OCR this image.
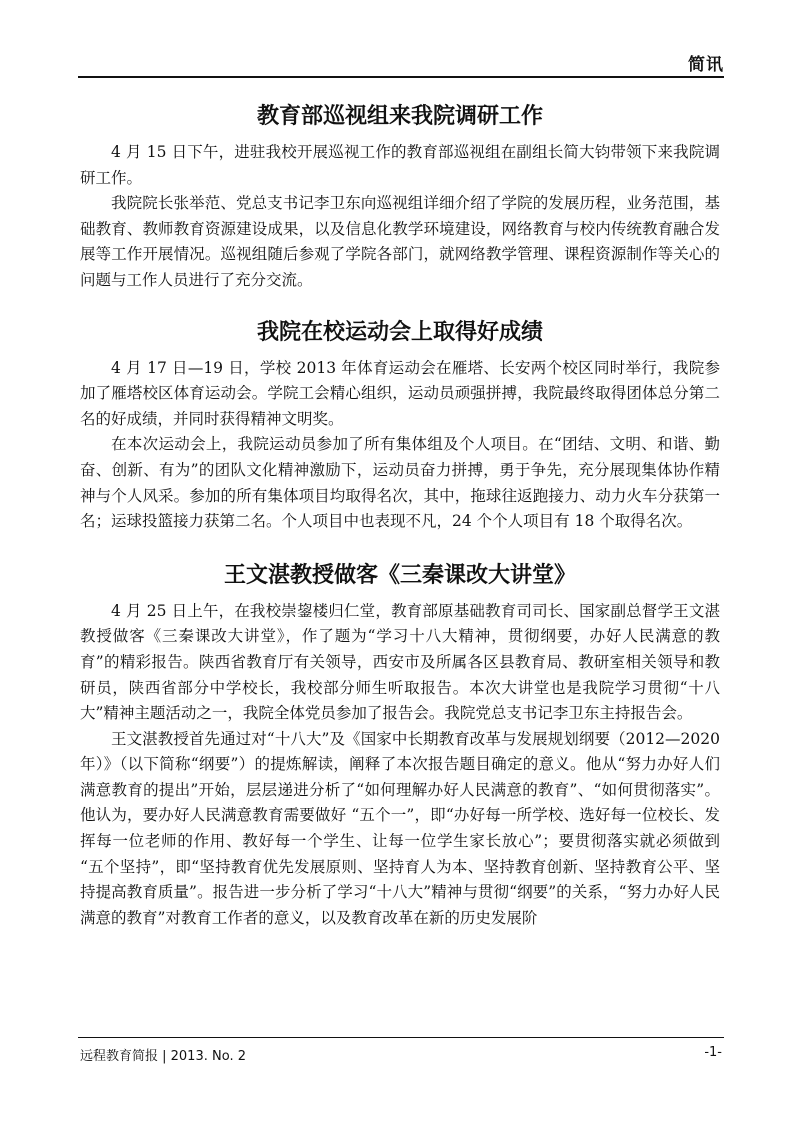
简讯
教育部巡视组来我院调研工作

4 月 15 日下午，进驻我校开展巡视工作的教育部巡视组在副组长简大钧带领下来我院调研工作。

我院院长张举范、党总支书记李卫东向巡视组详细介绍了学院的发展历程，业务范围，基础教育、教师教育资源建设成果，以及信息化教学环境建设，网络教育与校内传统教育融合发展等工作开展情况。巡视组随后参观了学院各部门，就网络教学管理、课程资源制作等关心的问题与工作人员进行了充分交流。

我院在校运动会上取得好成绩

4 月 17 日—19 日，学校 2013 年体育运动会在雁塔、长安两个校区同时举行，我院参加了雁塔校区体育运动会。学院工会精心组织，运动员顽强拼搏，我院最终取得团体总分第二名的好成绩，并同时获得精神文明奖。

在本次运动会上，我院运动员参加了所有集体组及个人项目。在“团结、文明、和谐、勤奋、创新、有为”的团队文化精神激励下，运动员奋力拼搏，勇于争先，充分展现集体协作精神与个人风采。参加的所有集体项目均取得名次，其中，拖球往返跑接力、动力火车分获第一名；运球投篮接力获第二名。个人项目中也表现不凡，24 个个人项目有 18 个取得名次。

王文湛教授做客《三秦课改大讲堂》

4 月 25 日上午，在我校崇鋆楼归仁堂，教育部原基础教育司司长、国家副总督学王文湛教授做客《三秦课改大讲堂》，作了题为“学习十八大精神，贯彻纲要，办好人民满意的教育”的精彩报告。陕西省教育厅有关领导，西安市及所属各区县教育局、教研室相关领导和教研员，陕西省部分中学校长，我校部分师生听取报告。本次大讲堂也是我院学习贯彻“十八大”精神主题活动之一，我院全体党员参加了报告会。我院党总支书记李卫东主持报告会。

王文湛教授首先通过对“十八大”及《国家中长期教育改革与发展规划纲要（2012—2020 年）》（以下简称“纲要”）的提炼解读，阐释了本次报告题目确定的意义。他从“努力办好人们满意教育的提出”开始，层层递进分析了“如何理解办好人民满意的教育”、“如何贯彻落实”。他认为，要办好人民满意教育需要做好 “五个一”，即“办好每一所学校、选好每一位校长、发挥每一位老师的作用、教好每一个学生、让每一位学生家长放心”；要贯彻落实就必须做到 “五个坚持”，即“坚持教育优先发展原则、坚持育人为本、坚持教育创新、坚持教育公平、坚持提高教育质量”。报告进一步分析了学习“十八大”精神与贯彻“纲要”的关系，“努力办好人民满意的教育”对教育工作者的意义，以及教育改革在新的历史发展阶

远程教育简报 | 2013. No. 2	-1-
